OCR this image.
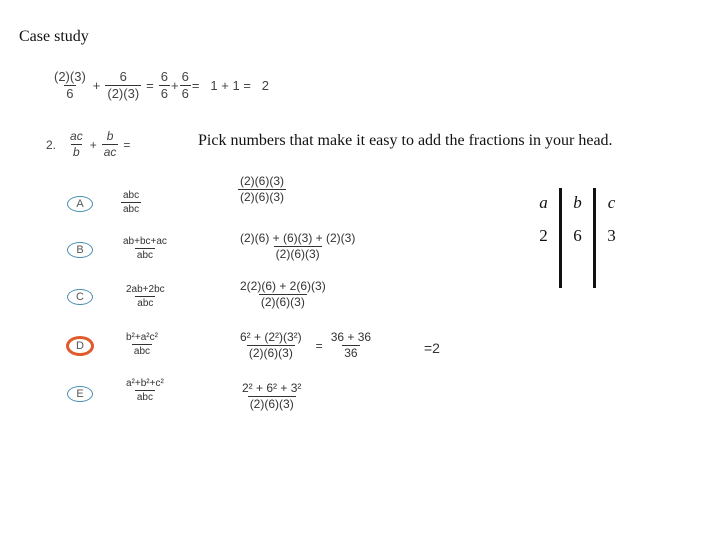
Case study
$\frac{(2)(3)}{6} + \frac{6}{(2)(3)} = \frac{6}{6} + \frac{6}{6} = 1 + 1 = 2$
2. $\frac{ac}{b} + \frac{b}{ac}$ =	Pick numbers that make it easy to add the fractions in your head.
A
B
C
D
E
abc
abc
ab+bc+ac
abc
2ab+2bc
abc
b²+a²c²
abc
a²+b²+c²
abc
$\frac{(2)(6)(3)}{(2)(6)(3)}$
$\frac{(2)(6) + (6)(3) + (2)(3)}{(2)(6)(3)}$
$\frac{2(2)(6) + 2(6)(3)}{(2)(6)(3)}$
$\frac{\text{6² + (2²)(3²)}}{(2)(6)(3)} = \frac{36 + 36}{36}$	=2
$\frac{\text{2² + 6² + 3²}}{(2)(6)(3)}$
a	b	c
2	6	3
